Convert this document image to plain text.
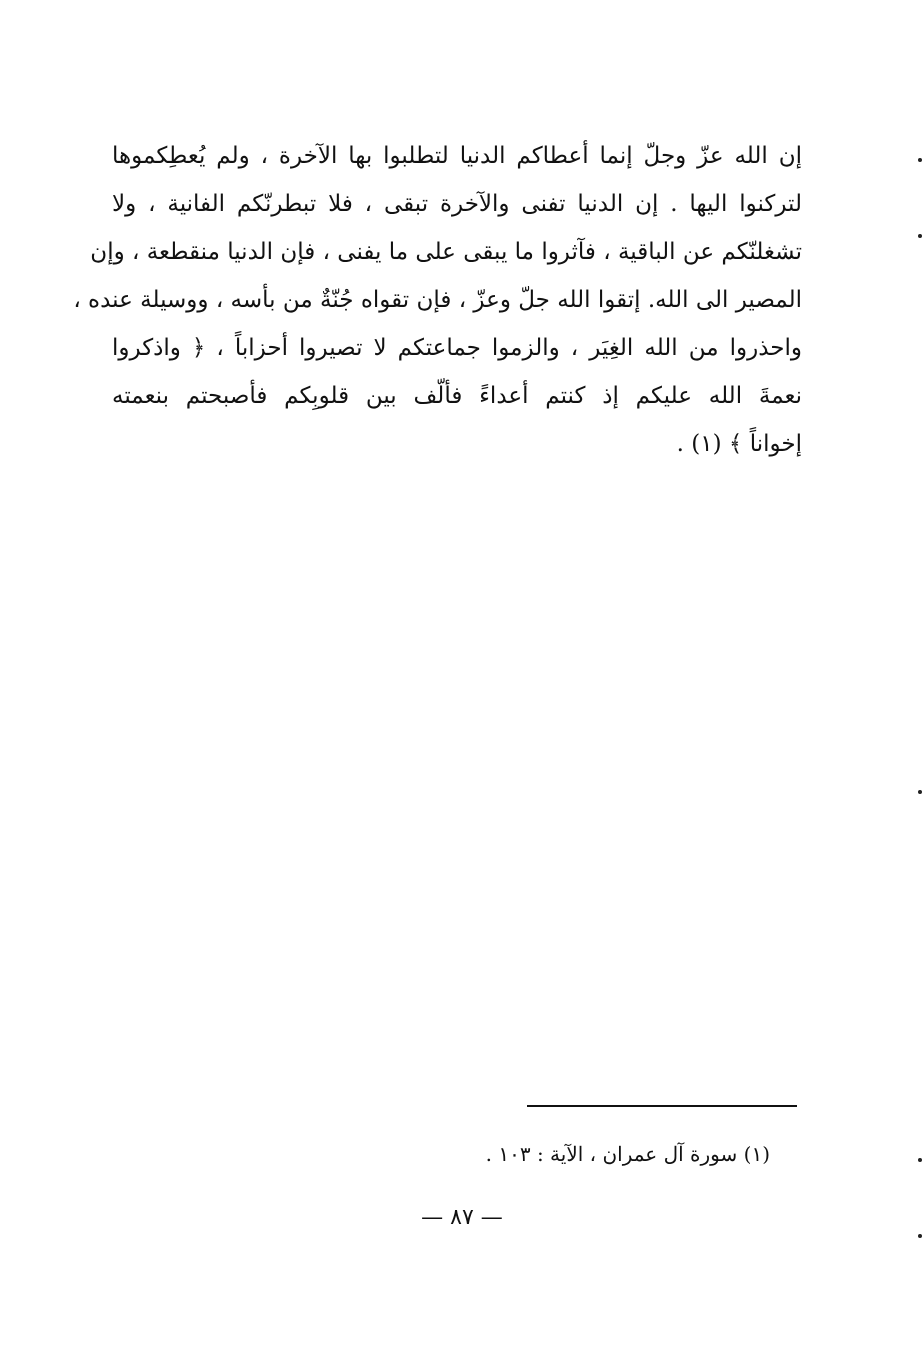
إن الله عزّ وجلّ إنما أعطاكم الدنيا لتطلبوا بها الآخرة ، ولم يُعطِكموها
لتركنوا اليها . إن الدنيا تفنى والآخرة تبقى ، فلا تبطرنّكم الفانية ، ولا
تشغلنّكم عن الباقية ، فآثروا ما يبقى على ما يفنى ، فإن الدنيا منقطعة ، وإن
المصير الى الله. إتقوا الله جلّ وعزّ ، فإن تقواه جُنّةٌ من بأسه ، ووسيلة عنده ،
واحذروا من الله الغِيَر ، والزموا جماعتكم لا تصيروا أحزاباً ، ﴿ واذكروا
نعمةَ الله عليكم إذ كنتم أعداءً فألّف بين قلوبِكم فأصبحتم بنعمته
إخواناً ﴾ (١) .
(١) سورة آل عمران ، الآية : ١٠٣ .
— ٨٧ —
